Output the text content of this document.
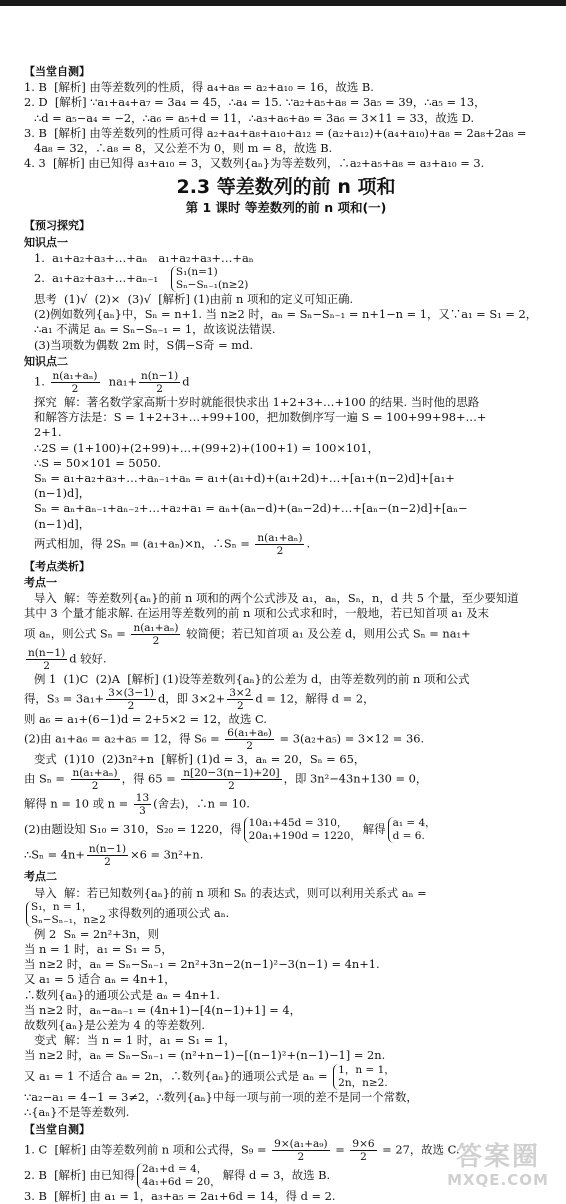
【当堂自测】

1. B  [解析] 由等差数列的性质，得 a₄+a₈ = a₂+a₁₀ = 16，故选 B.

2. D  [解析] ∵a₁+a₄+a₇ = 3a₄ = 45，∴a₄ = 15. ∵a₂+a₅+a₈ = 3a₅ = 39，∴a₅ = 13，

∴d = a₅−a₄ = −2，∴a₆ = a₅+d = 11，∴a₃+a₆+a₉ = 3a₆ = 3×11 = 33，故选 D.

3. B  [解析] 由等差数列的性质可得 a₂+a₄+a₈+a₁₀+a₁₂ = (a₂+a₁₂)+(a₄+a₁₀)+a₈ = 2a₈+2a₈ =

4a₈ = 32，∴a₈ = 8，又公差不为 0，则 m = 8，故选 B.

4. 3  [解析] 由已知得 a₃+a₁₀ = 3，又数列{aₙ}为等差数列，∴a₂+a₅+a₈ = a₃+a₁₀ = 3.

2.3 等差数列的前 n 项和
第 1 课时 等差数列的前 n 项和(一)
【预习探究】
知识点一

1.  a₁+a₂+a₃+…+aₙ   a₁+a₂+a₃+…+aₙ

2.  a₁+a₂+a₃+…+aₙ₋₁ S₁(n=1)
Sₙ−Sₙ₋₁(n≥2)

思考  (1)√  (2)×  (3)√  [解析] (1)由前 n 项和的定义可知正确.

(2)例如数列{aₙ}中，Sₙ = n+1. 当 n≥2 时，aₙ = Sₙ−Sₙ₋₁ = n+1−n = 1，又∵a₁ = S₁ = 2，

∴a₁ 不满足 aₙ = Sₙ−Sₙ₋₁ = 1，故该说法错误.

(3)当项数为偶数 2m 时，S偶−S奇 = md.

知识点二

1. $\frac{\text{n(a₁+aₙ)}}{2} na_1+ \frac{n(n-1)}{2}$ d

探究  解：著名数学家高斯十岁时就能很快求出 1+2+3+…+100 的结果. 当时他的思路

和解答方法是：S = 1+2+3+…+99+100，把加数倒序写一遍 S = 100+99+98+…+

2+1.

∴2S = (1+100)+(2+99)+…+(99+2)+(100+1) = 100×101，

∴S = 50×101 = 5050.

Sₙ = a₁+a₂+a₃+…+aₙ₋₁+aₙ = a₁+(a₁+d)+(a₁+2d)+…+[a₁+(n−2)d]+[a₁+

(n−1)d]，

Sₙ = aₙ+aₙ₋₁+aₙ₋₂+…+a₂+a₁ = aₙ+(aₙ−d)+(aₙ−2d)+…+[aₙ−(n−2)d]+[aₙ−

(n−1)d]，

两式相加，得 2Sₙ = (a₁+aₙ)×n，∴Sₙ = $\frac{\text{n(a₁+aₙ)}}{2}$ .

【考点类析】
考点一

导入  解：等差数列{aₙ}的前 n 项和的两个公式涉及 a₁，aₙ，Sₙ，n，d 共 5 个量，至少要知道

其中 3 个量才能求解. 在运用等差数列的前 n 项和公式求和时，一般地，若已知首项 a₁ 及末

项 aₙ，则公式 $S_n = \frac{\text{n(a₁+aₙ)}}{2}$ 较简便；若已知首项 a₁ 及公差 d，则用公式 Sₙ = na₁+

$\frac{n(n-1)}{2}$ d 较好.

例 1  (1)C  (2)A  [解析] (1)设等差数列{aₙ}的公差为 d，由等差数列的前 n 项和公式

得，$S_3 = 3a_1+ \frac{3\times(3-1)}{2}$ d，即 $3\times 2+ \frac{3\times 2}{2}$ d = 12，解得 d = 2，

则 a₆ = a₁+(6−1)d = 2+5×2 = 12，故选 C.

(2)由 a₁+a₆ = a₂+a₅ = 12，得 $S_6 = \frac{\text{6(a₁+a₆)}}{2} = 3(a_2+a_5) = 3\times 12 = 36$.

变式  (1)10  (2)3n²+n  [解析] (1)d = 3，aₙ = 20，Sₙ = 65，

由 $S_n = \frac{\text{n(a₁+aₙ)}}{2}$ ，得 $65 = \frac{n[20-3(n-1)+20]}{2}$ ，即 3n²−43n+130 = 0，

解得 n = 10 或 $n = \frac{13}{3}$ (舍去)，∴n = 10.

(2)由题设知 S₁₀ = 310，S₂₀ = 1220，得 10a₁+45d = 310，
20a₁+190d = 1220， 解得 a₁ = 4，
d = 6.

∴Sₙ = $4n+ \frac{n(n-1)}{2} \times 6 = 3n^2+n$.

考点二

导入  解：若已知数列{aₙ}的前 n 项和 Sₙ 的表达式，则可以利用关系式 aₙ =

S₁，n = 1，
Sₙ−Sₙ₋₁，n≥2 求得数列的通项公式 aₙ.

例 2  Sₙ = 2n²+3n，则

当 n = 1 时，a₁ = S₁ = 5，

当 n≥2 时，aₙ = Sₙ−Sₙ₋₁ = 2n²+3n−2(n−1)²−3(n−1) = 4n+1.

又 a₁ = 5 适合 aₙ = 4n+1，

∴数列{aₙ}的通项公式是 aₙ = 4n+1.

当 n≥2 时，aₙ−aₙ₋₁ = (4n+1)−[4(n−1)+1] = 4，

故数列{aₙ}是公差为 4 的等差数列.

变式  解：当 n = 1 时，a₁ = S₁ = 1，

当 n≥2 时，aₙ = Sₙ−Sₙ₋₁ = (n²+n−1)−[(n−1)²+(n−1)−1] = 2n.

又 a₁ = 1 不适合 aₙ = 2n，∴数列{aₙ}的通项公式是 aₙ = 1，n = 1，
2n，n≥2.

∵a₂−a₁ = 4−1 = 3≠2，∴数列{aₙ}中每一项与前一项的差不是同一个常数，

∴{aₙ}不是等差数列.

【当堂自测】

1. C  [解析] 由等差数列前 n 项和公式得，$S_9 = \frac{\text{9×(a₁+a₉)}}{2} = \frac{9\times 6}{2} = 27$，故选 C.

2. B  [解析] 由已知得 2a₁+d = 4，
4a₁+6d = 20， 解得 d = 3，故选 B.

3. B  [解析] 由 a₁ = 1，a₃+a₅ = 2a₁+6d = 14，得 d = 2.

答案圈
MXQE.COM
